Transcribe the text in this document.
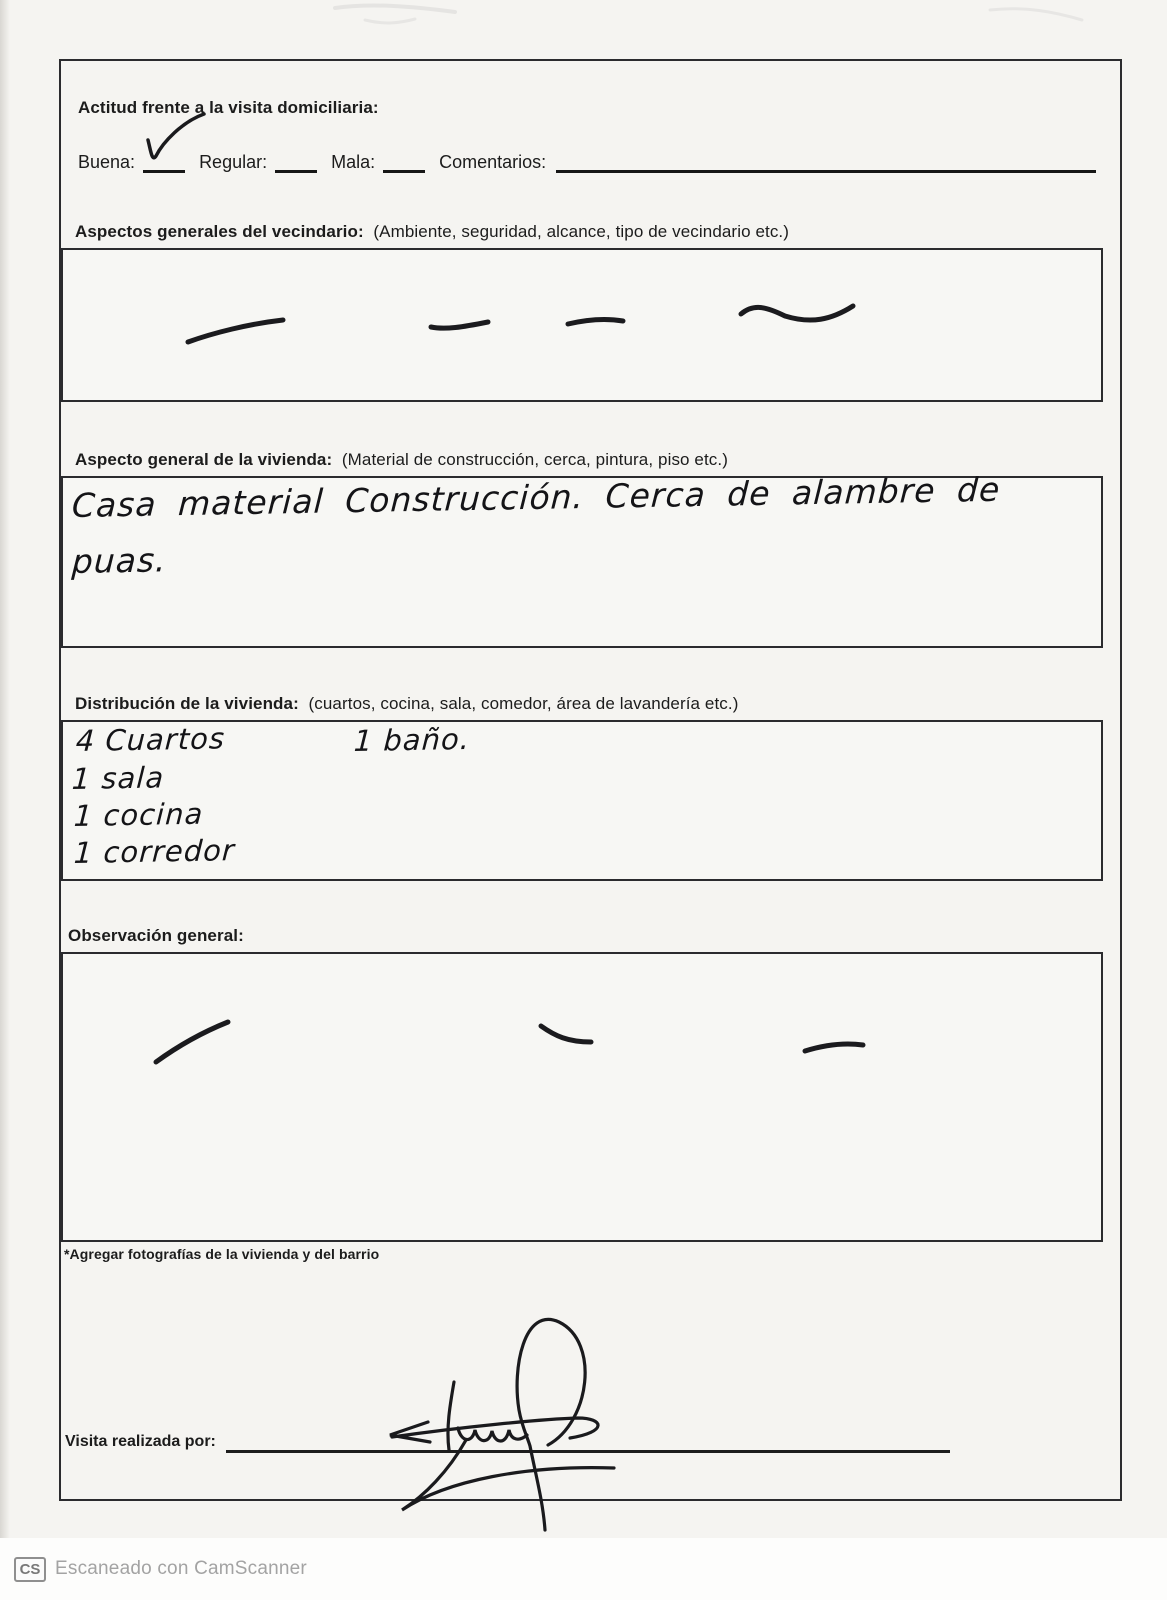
Actitud frente a la visita domiciliaria:
Buena:	Regular:	Mala:	Comentarios:
Aspectos generales del vecindario: (Ambiente, seguridad, alcance, tipo de vecindario etc.)
Aspecto general de la vivienda: (Material de construcción, cerca, pintura, piso etc.)
Casa material Construcción. Cerca de alambre de
puas.
Distribución de la vivienda: (cuartos, cocina, sala, comedor, área de lavandería etc.)
4 Cuartos	1 baño.
1 sala
1 cocina
1 corredor
Observación general:
*Agregar fotografías de la vivienda y del barrio
Visita realizada por:
CS Escaneado con CamScanner
